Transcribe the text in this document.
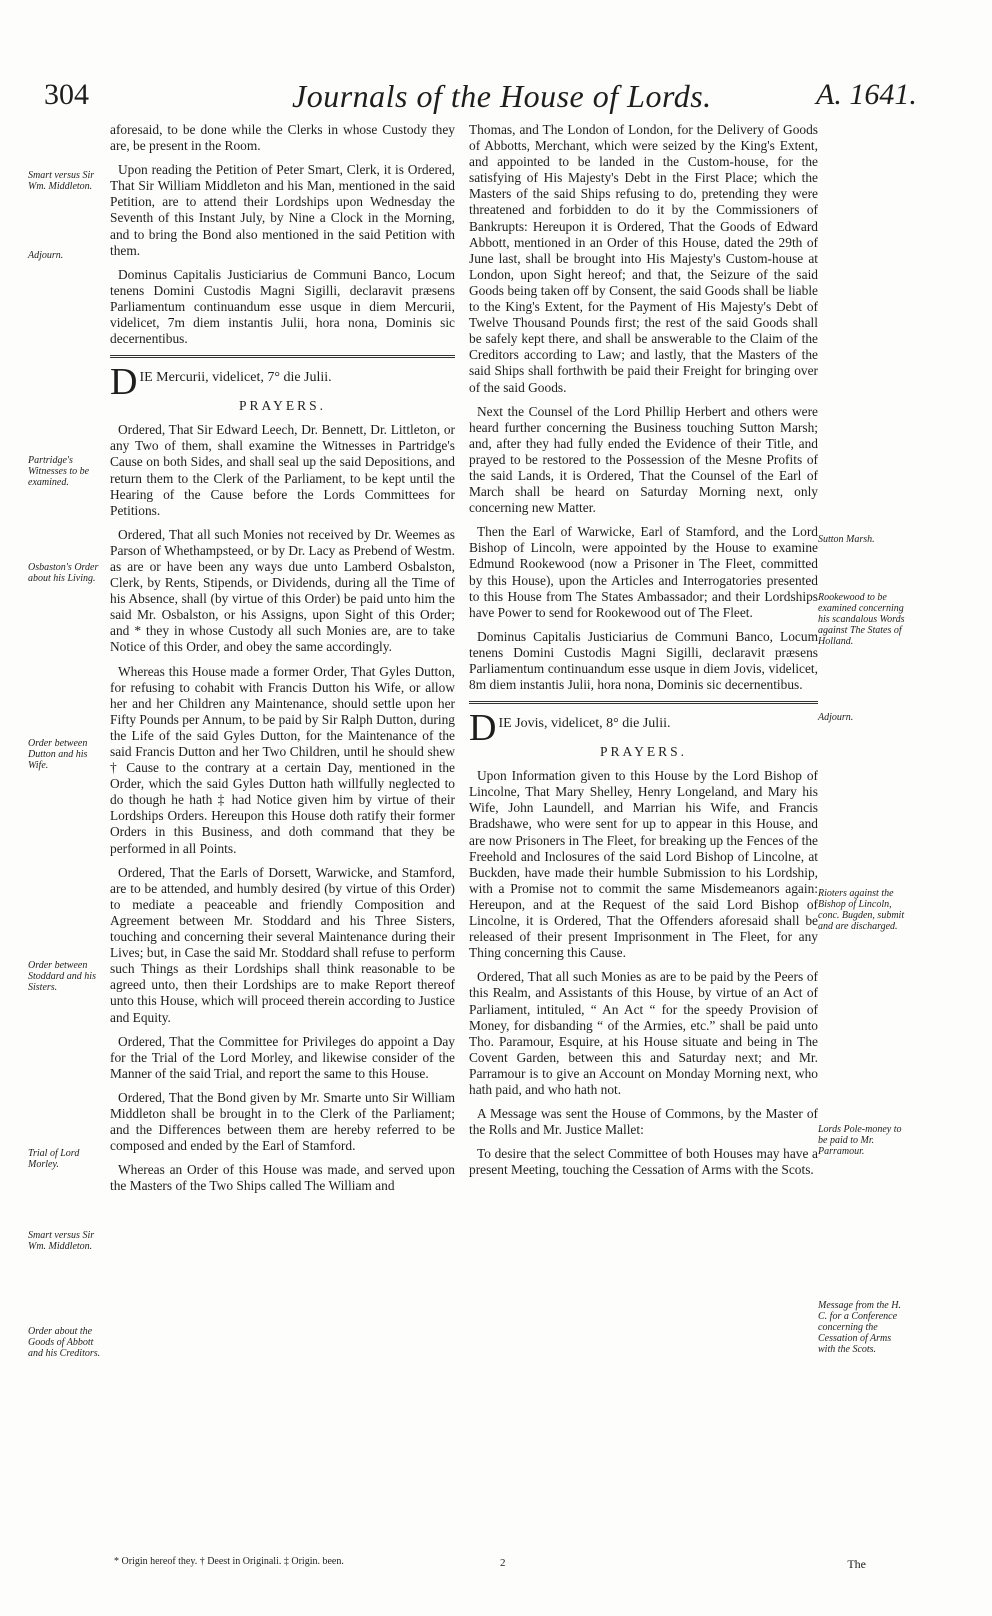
304	Journals of the House of Lords.	A. 1641.
Smart versus Sir Wm. Middleton.
Adjourn.
Partridge's Witnesses to be examined.
Osbaston's Order about his Living.
Order between Dutton and his Wife.
Order between Stoddard and his Sisters.
Trial of Lord Morley.
Smart versus Sir Wm. Middleton.
Order about the Goods of Abbott and his Creditors.
Sutton Marsh.
Rookewood to be examined concerning his scandalous Words against The States of Holland.
Adjourn.
Rioters against the Bishop of Lincoln, conc. Bugden, submit and are discharged.
Lords Pole-money to be paid to Mr. Parramour.
Message from the H. C. for a Conference concerning the Cessation of Arms with the Scots.
aforesaid, to be done while the Clerks in whose Custody they are, be present in the Room.
Upon reading the Petition of Peter Smart, Clerk, it is Ordered, That Sir William Middleton and his Man, mentioned in the said Petition, are to attend their Lordships upon Wednesday the Seventh of this Instant July, by Nine a Clock in the Morning, and to bring the Bond also mentioned in the said Petition with them.
Dominus Capitalis Justiciarius de Communi Banco, Locum tenens Domini Custodis Magni Sigilli, declaravit præsens Parliamentum continuandum esse usque in diem Mercurii, videlicet, 7m diem instantis Julii, hora nona, Dominis sic decernentibus.
D IE Mercurii, videlicet, 7° die Julii.
PRAYERS.
Ordered, That Sir Edward Leech, Dr. Bennett, Dr. Littleton, or any Two of them, shall examine the Witnesses in Partridge's Cause on both Sides, and shall seal up the said Depositions, and return them to the Clerk of the Parliament, to be kept until the Hearing of the Cause before the Lords Committees for Petitions.
Ordered, That all such Monies not received by Dr. Weemes as Parson of Whethampsteed, or by Dr. Lacy as Prebend of Westm. as are or have been any ways due unto Lamberd Osbalston, Clerk, by Rents, Stipends, or Dividends, during all the Time of his Absence, shall (by virtue of this Order) be paid unto him the said Mr. Osbalston, or his Assigns, upon Sight of this Order; and * they in whose Custody all such Monies are, are to take Notice of this Order, and obey the same accordingly.
Whereas this House made a former Order, That Gyles Dutton, for refusing to cohabit with Francis Dutton his Wife, or allow her and her Children any Maintenance, should settle upon her Fifty Pounds per Annum, to be paid by Sir Ralph Dutton, during the Life of the said Gyles Dutton, for the Maintenance of the said Francis Dutton and her Two Children, until he should shew † Cause to the contrary at a certain Day, mentioned in the Order, which the said Gyles Dutton hath willfully neglected to do though he hath ‡ had Notice given him by virtue of their Lordships Orders. Hereupon this House doth ratify their former Orders in this Business, and doth command that they be performed in all Points.
Ordered, That the Earls of Dorsett, Warwicke, and Stamford, are to be attended, and humbly desired (by virtue of this Order) to mediate a peaceable and friendly Composition and Agreement between Mr. Stoddard and his Three Sisters, touching and concerning their several Maintenance during their Lives; but, in Case the said Mr. Stoddard shall refuse to perform such Things as their Lordships shall think reasonable to be agreed unto, then their Lordships are to make Report thereof unto this House, which will proceed therein according to Justice and Equity.
Ordered, That the Committee for Privileges do appoint a Day for the Trial of the Lord Morley, and likewise consider of the Manner of the said Trial, and report the same to this House.
Ordered, That the Bond given by Mr. Smarte unto Sir William Middleton shall be brought in to the Clerk of the Parliament; and the Differences between them are hereby referred to be composed and ended by the Earl of Stamford.
Whereas an Order of this House was made, and served upon the Masters of the Two Ships called The William and
Thomas, and The London of London, for the Delivery of Goods of Abbotts, Merchant, which were seized by the King's Extent, and appointed to be landed in the Custom-house, for the satisfying of His Majesty's Debt in the First Place; which the Masters of the said Ships refusing to do, pretending they were threatened and forbidden to do it by the Commissioners of Bankrupts: Hereupon it is Ordered, That the Goods of Edward Abbott, mentioned in an Order of this House, dated the 29th of June last, shall be brought into His Majesty's Custom-house at London, upon Sight hereof; and that, the Seizure of the said Goods being taken off by Consent, the said Goods shall be liable to the King's Extent, for the Payment of His Majesty's Debt of Twelve Thousand Pounds first; the rest of the said Goods shall be safely kept there, and shall be answerable to the Claim of the Creditors according to Law; and lastly, that the Masters of the said Ships shall forthwith be paid their Freight for bringing over of the said Goods.
Next the Counsel of the Lord Phillip Herbert and others were heard further concerning the Business touching Sutton Marsh; and, after they had fully ended the Evidence of their Title, and prayed to be restored to the Possession of the Mesne Profits of the said Lands, it is Ordered, That the Counsel of the Earl of March shall be heard on Saturday Morning next, only concerning new Matter.
Then the Earl of Warwicke, Earl of Stamford, and the Lord Bishop of Lincoln, were appointed by the House to examine Edmund Rookewood (now a Prisoner in The Fleet, committed by this House), upon the Articles and Interrogatories presented to this House from The States Ambassador; and their Lordships have Power to send for Rookewood out of The Fleet.
Dominus Capitalis Justiciarius de Communi Banco, Locum tenens Domini Custodis Magni Sigilli, declaravit præsens Parliamentum continuandum esse usque in diem Jovis, videlicet, 8m diem instantis Julii, hora nona, Dominis sic decernentibus.
D IE Jovis, videlicet, 8° die Julii.
PRAYERS.
Upon Information given to this House by the Lord Bishop of Lincolne, That Mary Shelley, Henry Longeland, and Mary his Wife, John Laundell, and Marrian his Wife, and Francis Bradshawe, who were sent for up to appear in this House, and are now Prisoners in The Fleet, for breaking up the Fences of the Freehold and Inclosures of the said Lord Bishop of Lincolne, at Buckden, have made their humble Submission to his Lordship, with a Promise not to commit the same Misdemeanors again: Hereupon, and at the Request of the said Lord Bishop of Lincolne, it is Ordered, That the Offenders aforesaid shall be released of their present Imprisonment in The Fleet, for any Thing concerning this Cause.
Ordered, That all such Monies as are to be paid by the Peers of this Realm, and Assistants of this House, by virtue of an Act of Parliament, intituled, “ An Act “ for the speedy Provision of Money, for disbanding “ of the Armies, etc.” shall be paid unto Tho. Paramour, Esquire, at his House situate and being in The Covent Garden, between this and Saturday next; and Mr. Parramour is to give an Account on Monday Morning next, who hath paid, and who hath not.
A Message was sent the House of Commons, by the Master of the Rolls and Mr. Justice Mallet:
To desire that the select Committee of both Houses may have a present Meeting, touching the Cessation of Arms with the Scots.
* Origin hereof they. † Deest in Originali. ‡ Origin. been.	2	The
